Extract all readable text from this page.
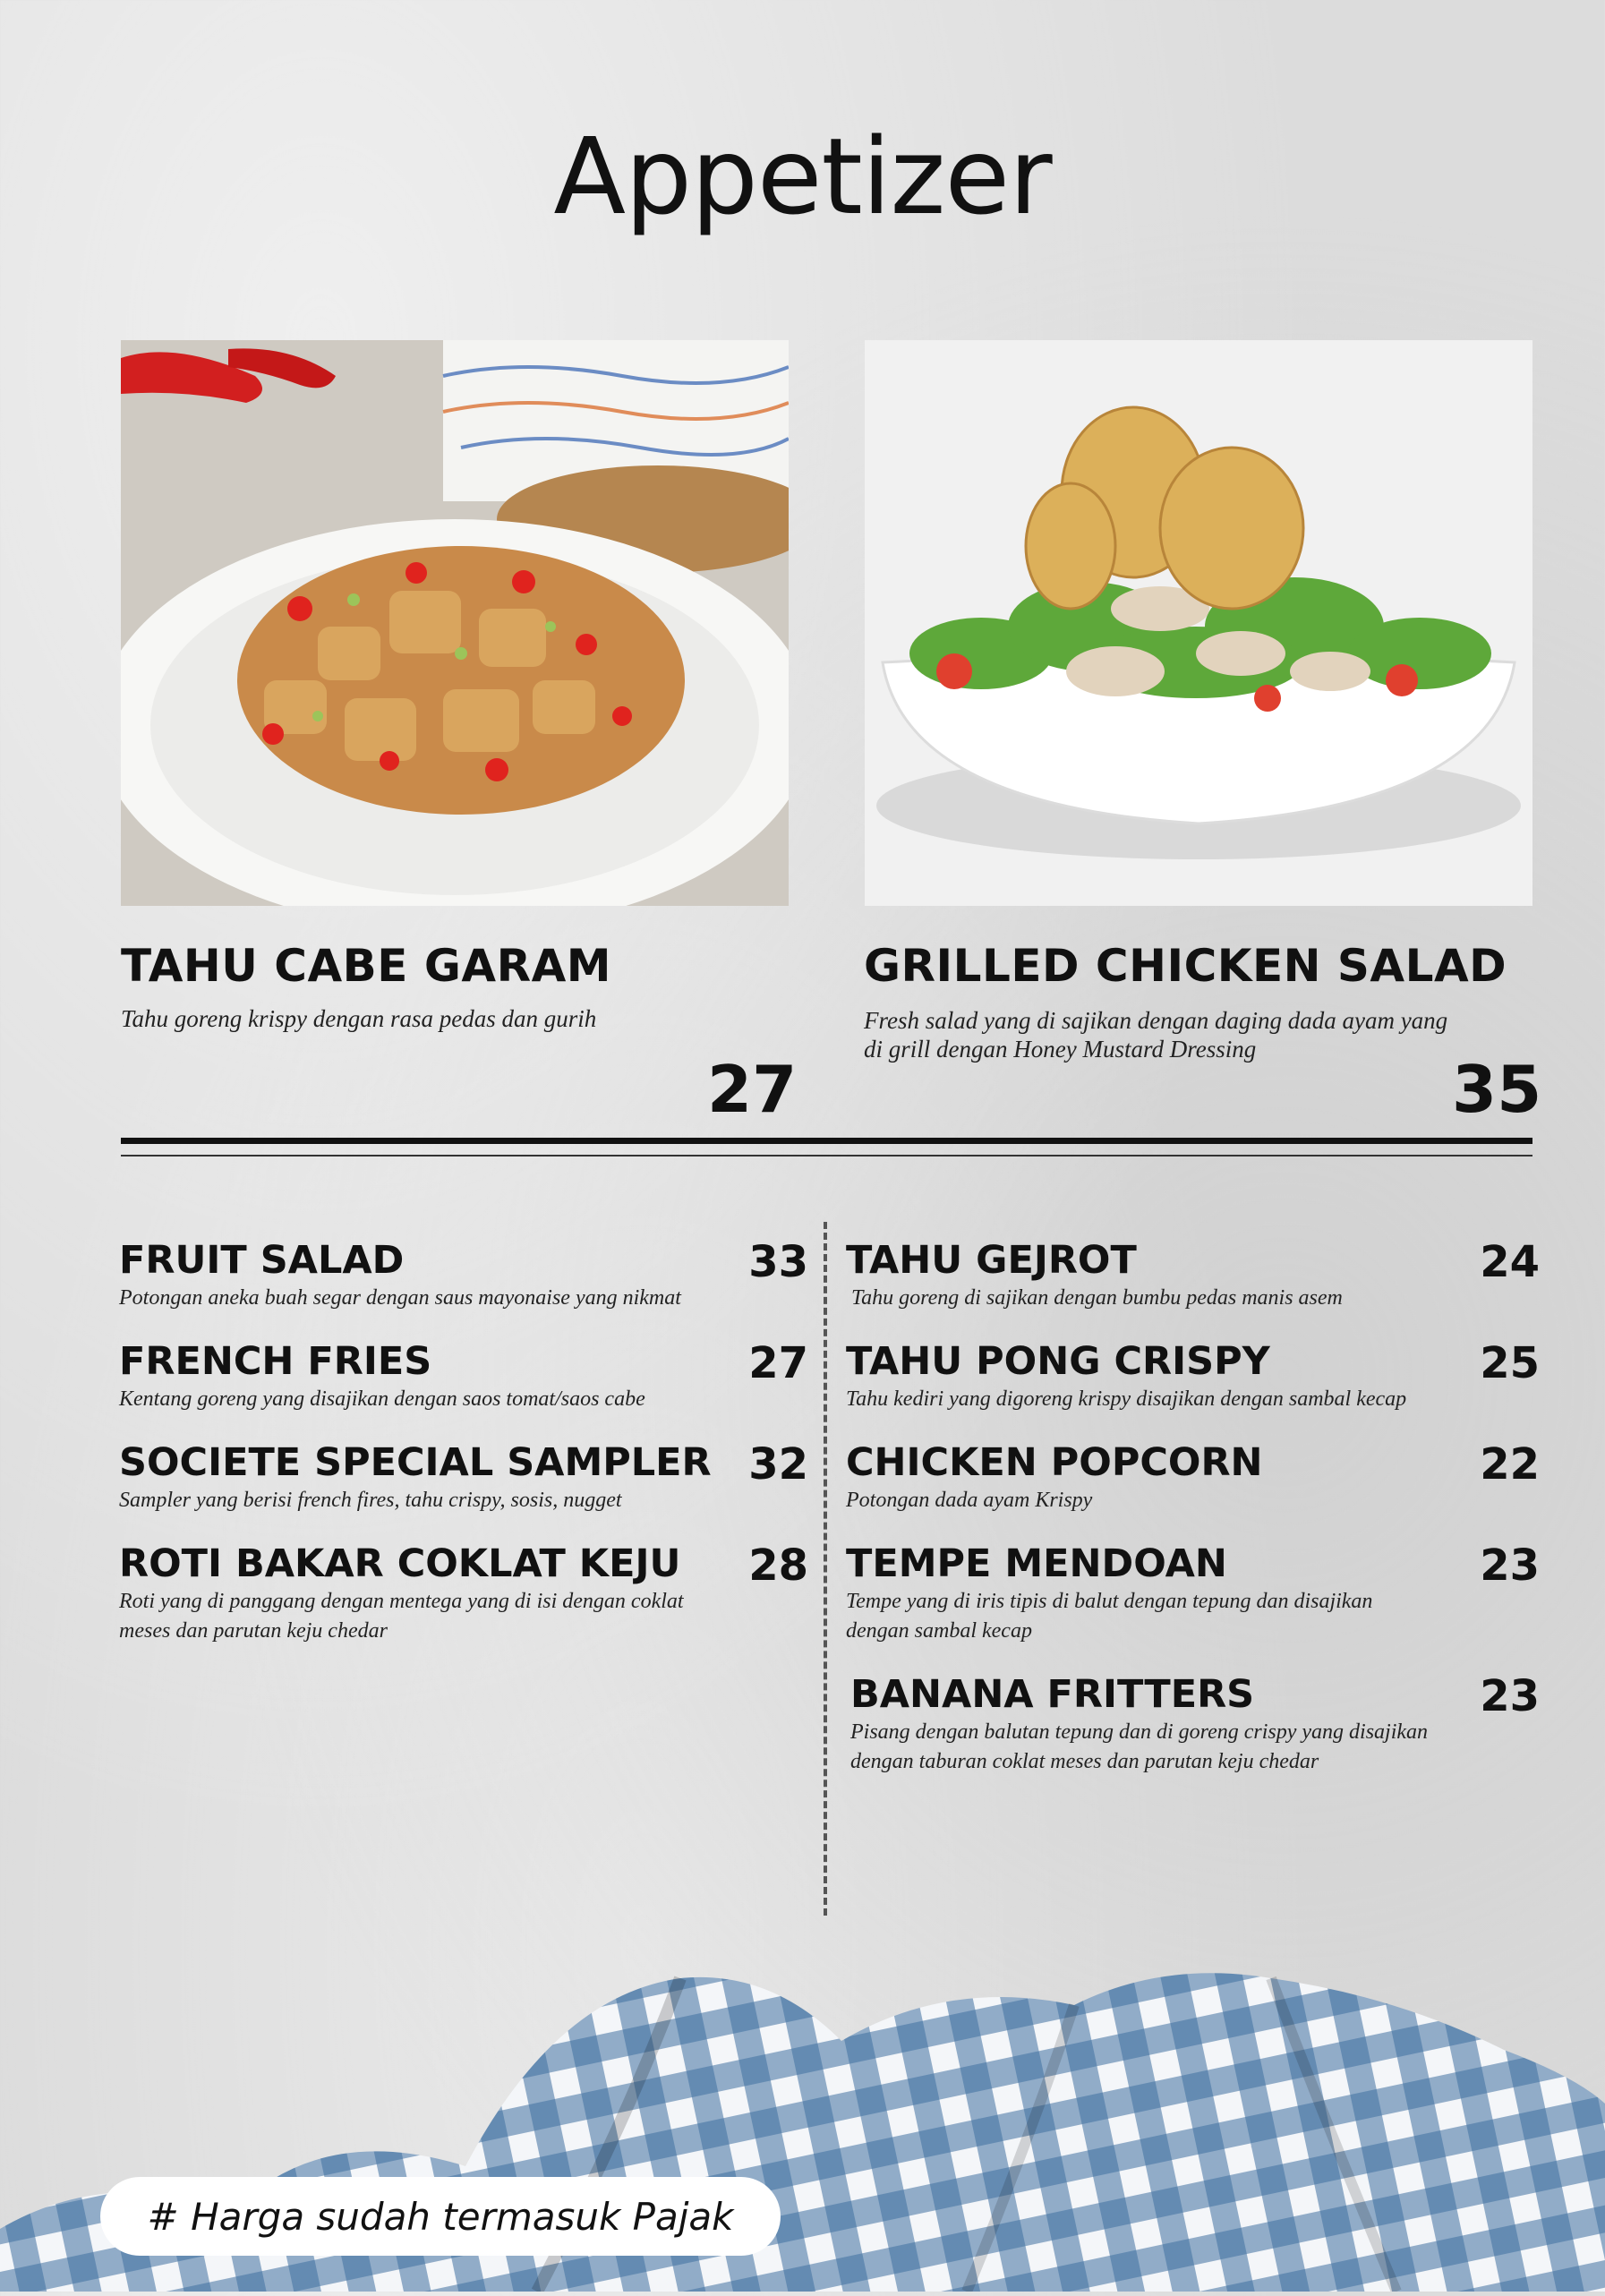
Appetizer
TAHU CABE GARAM
Tahu goreng krispy dengan rasa pedas dan gurih
27
GRILLED CHICKEN SALAD
Fresh salad yang di sajikan dengan daging dada ayam yang
di grill dengan Honey Mustard Dressing
35
FRUIT SALAD
Potongan aneka buah segar dengan saus mayonaise yang nikmat
33
FRENCH FRIES
Kentang goreng yang disajikan dengan saos tomat/saos cabe
27
SOCIETE SPECIAL SAMPLER
Sampler yang berisi french fires, tahu crispy, sosis, nugget
32
ROTI BAKAR COKLAT KEJU
Roti yang di panggang dengan mentega yang di isi dengan coklat
meses dan parutan keju chedar
28
TAHU GEJROT
Tahu goreng di sajikan dengan bumbu pedas manis asem
24
TAHU PONG CRISPY
Tahu kediri yang digoreng krispy disajikan dengan sambal kecap
25
CHICKEN POPCORN
Potongan dada ayam Krispy
22
TEMPE MENDOAN
Tempe yang di iris tipis di balut dengan tepung dan disajikan
dengan sambal kecap
23
BANANA FRITTERS
Pisang dengan balutan tepung dan di goreng crispy yang disajikan
dengan taburan coklat meses dan parutan keju chedar
23
# Harga sudah termasuk Pajak
